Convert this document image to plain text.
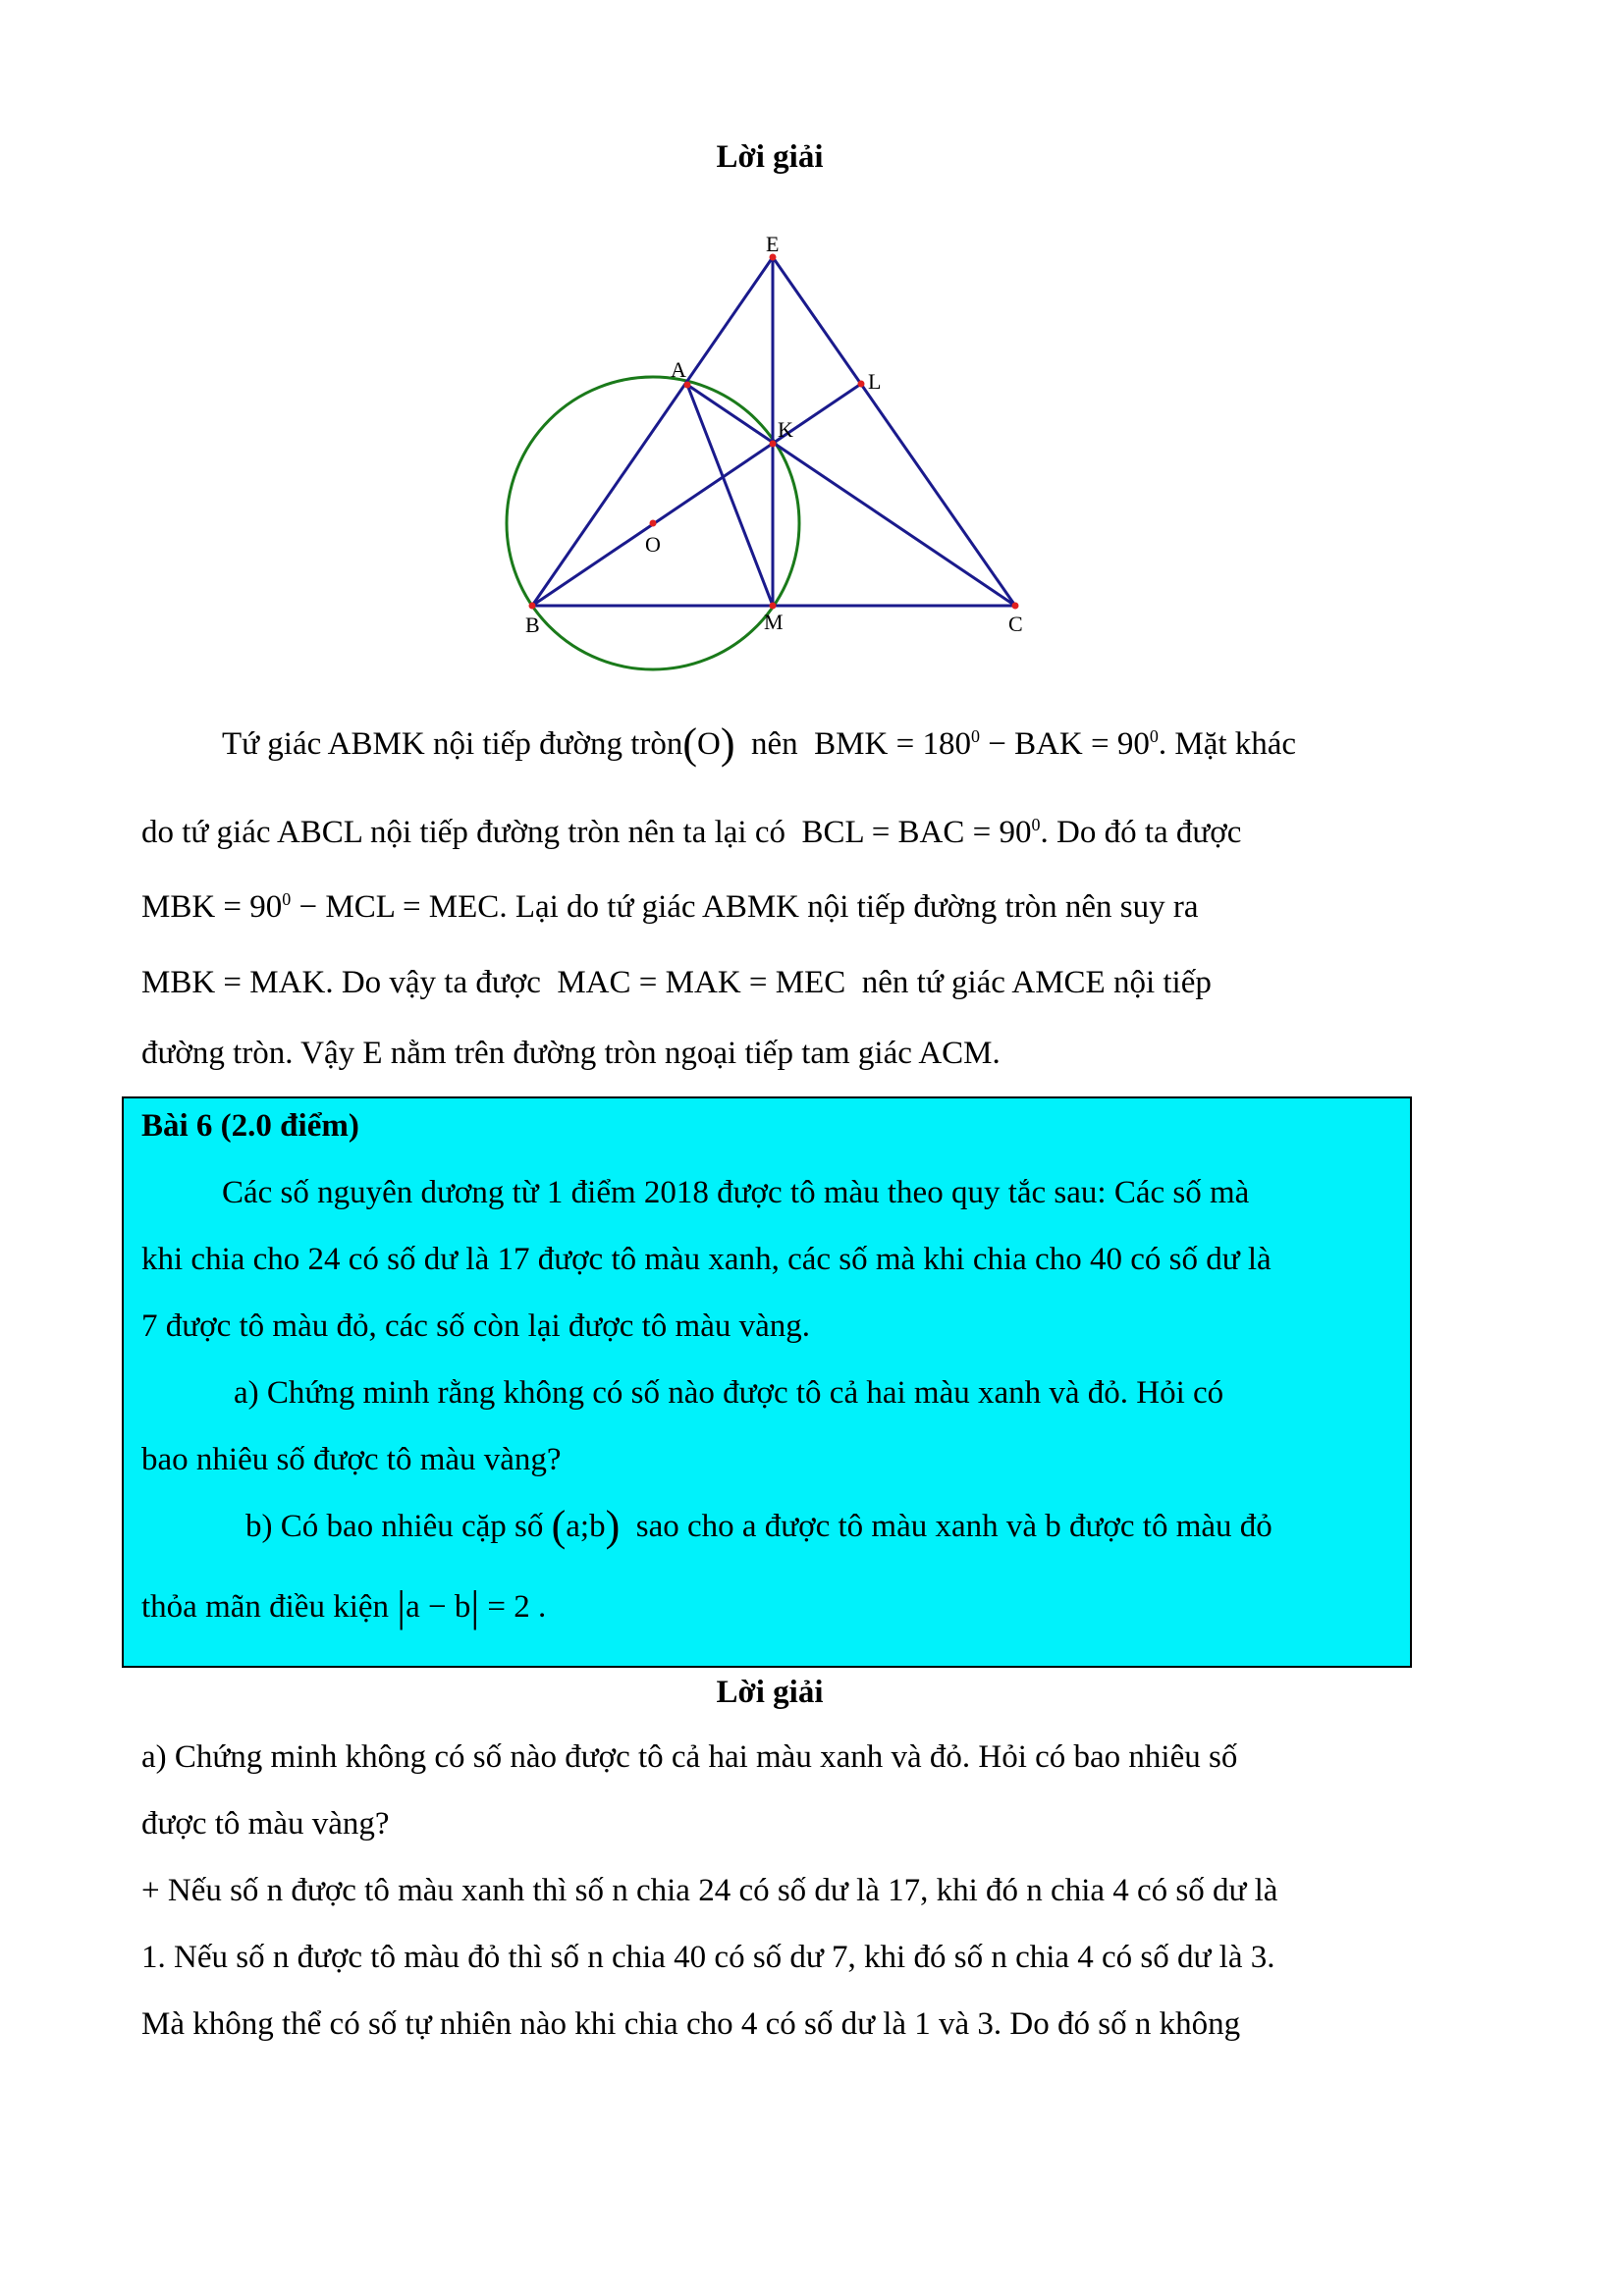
Lời giải
E
A	L
K
O
B	M	C
Tứ giác ABMK nội tiếp đường tròn(O) nên BMK = $180^0$ − BAK = $90^0$. Mặt khác
do tứ giác ABCL nội tiếp đường tròn nên ta lại có BCL = BAC = $90^0$. Do đó ta được
MBK = $90^0$ − MCL = MEC. Lại do tứ giác ABMK nội tiếp đường tròn nên suy ra
MBK = MAK. Do vậy ta được MAC = MAK = MEC nên tứ giác AMCE nội tiếp
đường tròn. Vậy E nằm trên đường tròn ngoại tiếp tam giác ACM.
Bài 6 (2.0 điểm)
Các số nguyên dương từ 1 điểm 2018 được tô màu theo quy tắc sau: Các số mà
khi chia cho 24 có số dư là 17 được tô màu xanh, các số mà khi chia cho 40 có số dư là
7 được tô màu đỏ, các số còn lại được tô màu vàng.
a) Chứng minh rằng không có số nào được tô cả hai màu xanh và đỏ. Hỏi có
bao nhiêu số được tô màu vàng?
b) Có bao nhiêu cặp số (a;b) sao cho a được tô màu xanh và b được tô màu đỏ
thỏa mãn điều kiện |a − b| = 2 .
Lời giải
a) Chứng minh không có số nào được tô cả hai màu xanh và đỏ. Hỏi có bao nhiêu số
được tô màu vàng?
+ Nếu số n được tô màu xanh thì số n chia 24 có số dư là 17, khi đó n chia 4 có số dư là
1. Nếu số n được tô màu đỏ thì số n chia 40 có số dư 7, khi đó số n chia 4 có số dư là 3.
Mà không thể có số tự nhiên nào khi chia cho 4 có số dư là 1 và 3. Do đó số n không
